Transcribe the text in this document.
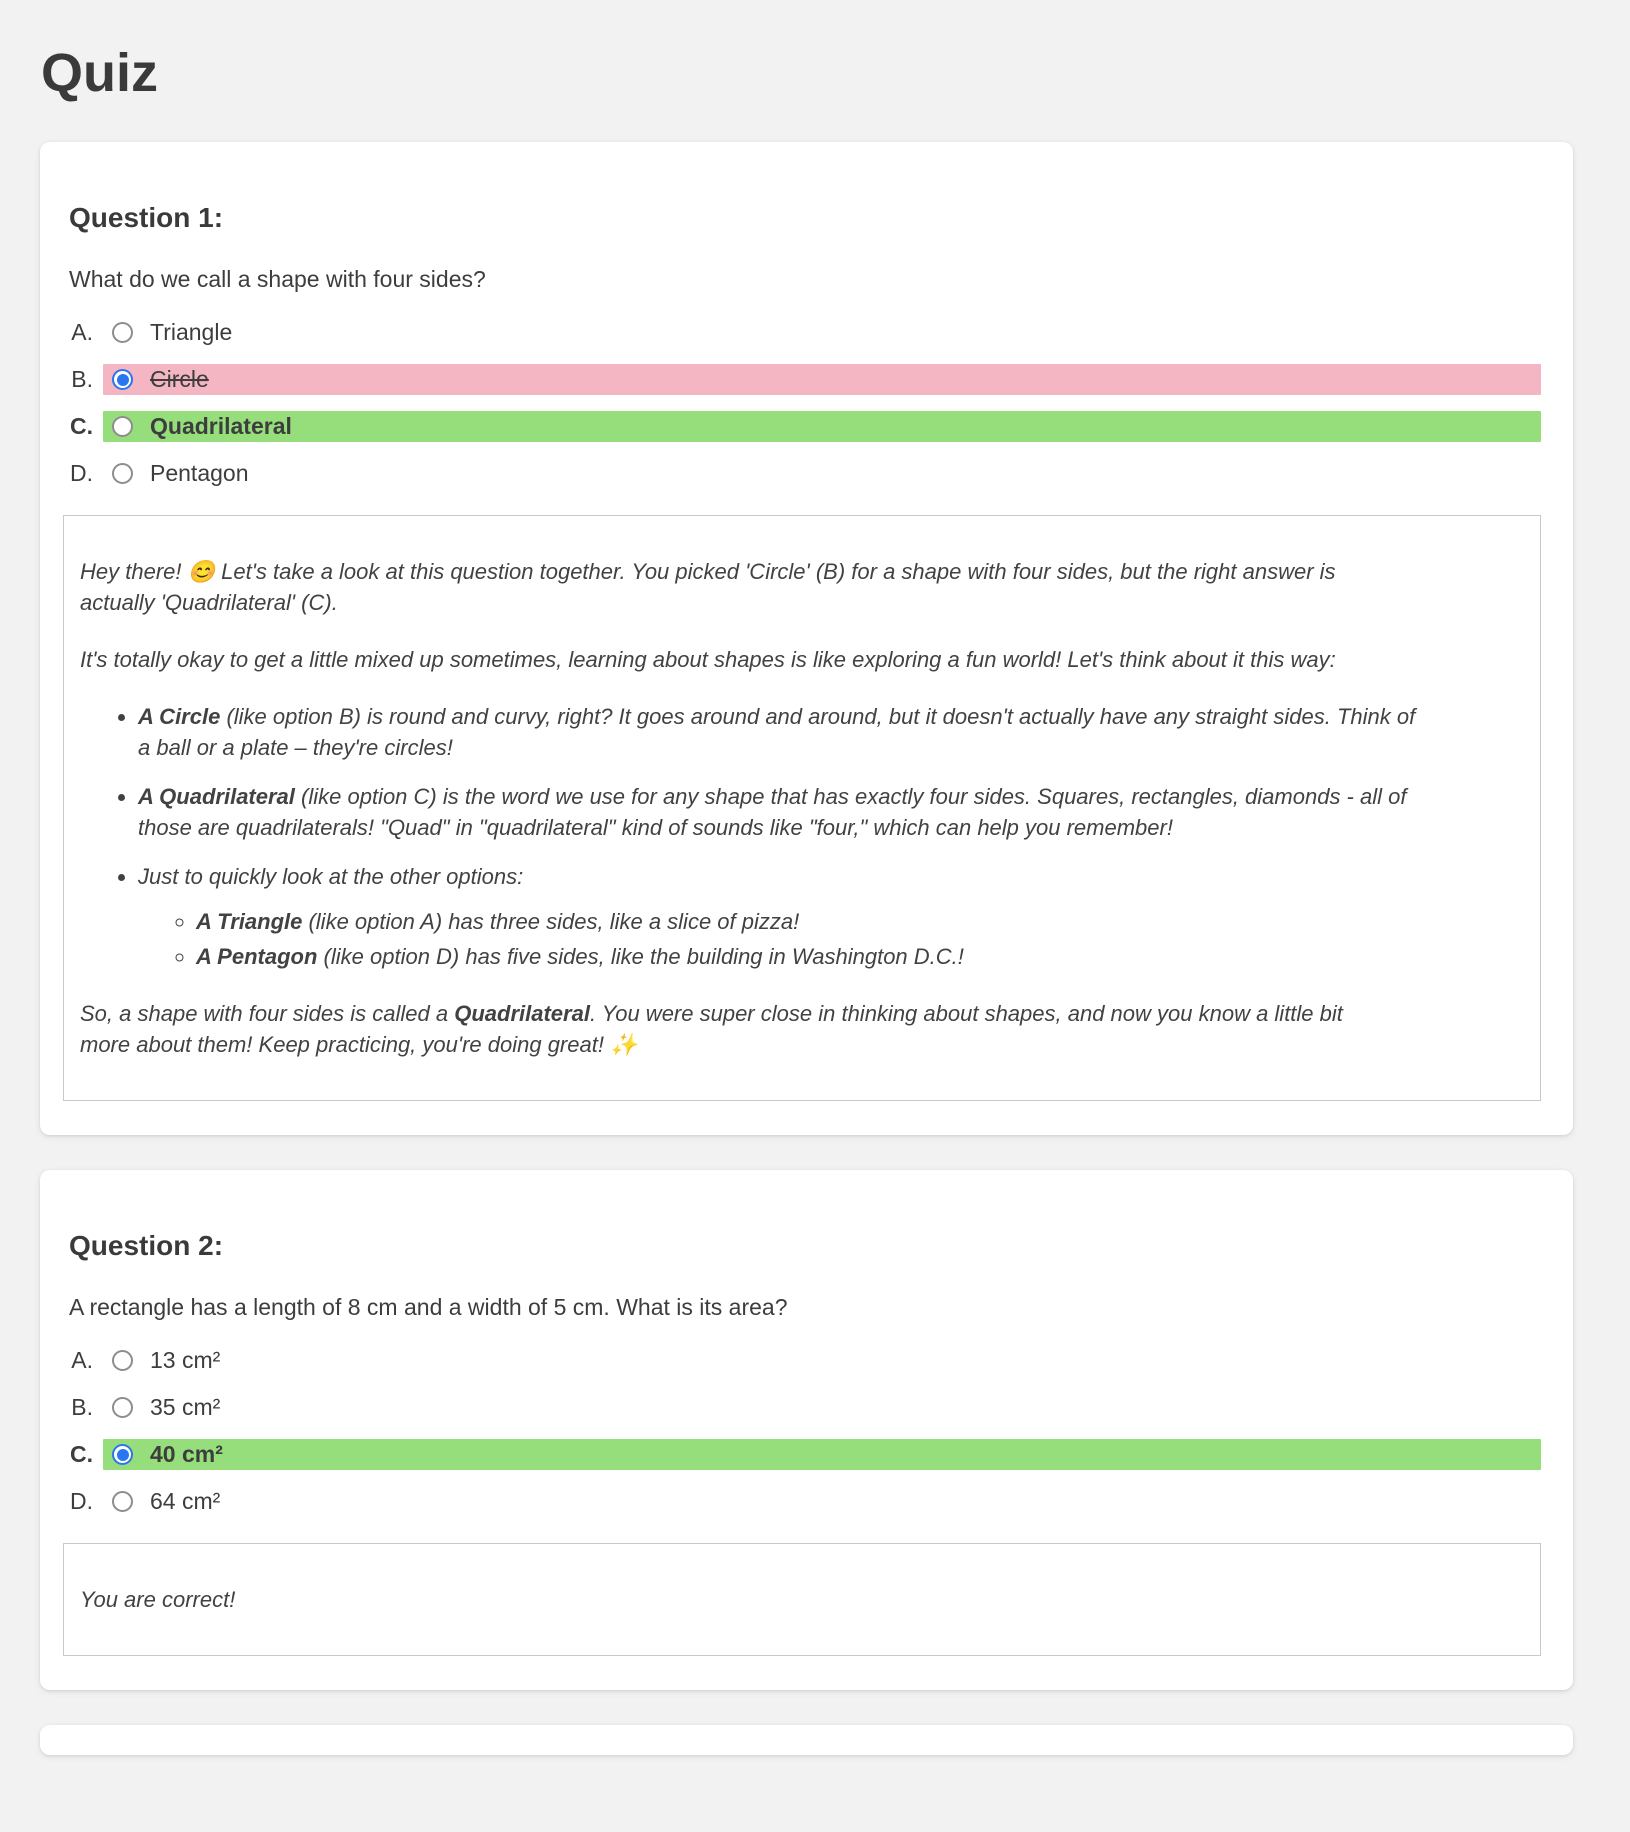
Quiz
Question 1:

What do we call a shape with four sides?

A. Triangle
B. Circle
C. Quadrilateral
D. Pentagon

Hey there! 😊 Let's take a look at this question together. You picked 'Circle' (B) for a shape with four sides, but the right answer is actually 'Quadrilateral' (C).

It's totally okay to get a little mixed up sometimes, learning about shapes is like exploring a fun world! Let's think about it this way:

• A Circle (like option B) is round and curvy, right? It goes around and around, but it doesn't actually have any straight sides. Think of a ball or a plate – they're circles!
• A Quadrilateral (like option C) is the word we use for any shape that has exactly four sides. Squares, rectangles, diamonds - all of those are quadrilaterals! "Quad" in "quadrilateral" kind of sounds like "four," which can help you remember!
• Just to quickly look at the other options:
◦ A Triangle (like option A) has three sides, like a slice of pizza!
◦ A Pentagon (like option D) has five sides, like the building in Washington D.C.!

So, a shape with four sides is called a Quadrilateral. You were super close in thinking about shapes, and now you know a little bit more about them! Keep practicing, you're doing great! ✨

Question 2:

A rectangle has a length of 8 cm and a width of 5 cm. What is its area?

A. 13 cm²
B. 35 cm²
C. 40 cm²
D. 64 cm²

You are correct!
